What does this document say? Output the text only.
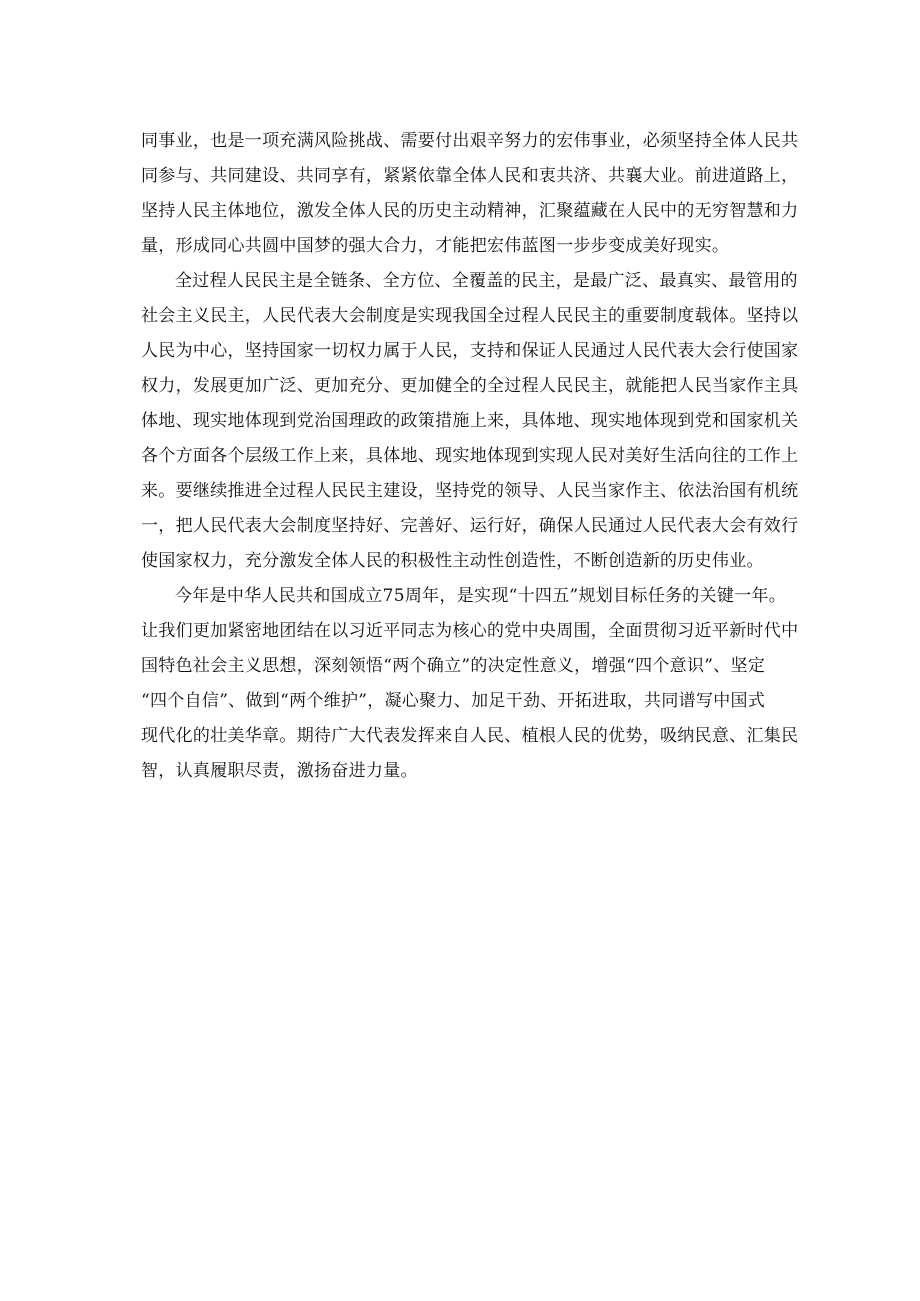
同事业，也是一项充满风险挑战、需要付出艰辛努力的宏伟事业，必须坚持全体人民共
同参与、共同建设、共同享有，紧紧依靠全体人民和衷共济、共襄大业。前进道路上，
坚持人民主体地位，激发全体人民的历史主动精神，汇聚蕴藏在人民中的无穷智慧和力
量，形成同心共圆中国梦的强大合力，才能把宏伟蓝图一步步变成美好现实。

全过程人民民主是全链条、全方位、全覆盖的民主，是最广泛、最真实、最管用的
社会主义民主，人民代表大会制度是实现我国全过程人民民主的重要制度载体。坚持以
人民为中心，坚持国家一切权力属于人民，支持和保证人民通过人民代表大会行使国家
权力，发展更加广泛、更加充分、更加健全的全过程人民民主，就能把人民当家作主具
体地、现实地体现到党治国理政的政策措施上来，具体地、现实地体现到党和国家机关
各个方面各个层级工作上来，具体地、现实地体现到实现人民对美好生活向往的工作上
来。要继续推进全过程人民民主建设，坚持党的领导、人民当家作主、依法治国有机统
一，把人民代表大会制度坚持好、完善好、运行好，确保人民通过人民代表大会有效行
使国家权力，充分激发全体人民的积极性主动性创造性，不断创造新的历史伟业。

今年是中华人民共和国成立75周年，是实现“十四五”规划目标任务的关键一年。
让我们更加紧密地团结在以习近平同志为核心的党中央周围，全面贯彻习近平新时代中
国特色社会主义思想，深刻领悟“两个确立”的决定性意义，增强“四个意识”、坚定
“四个自信”、做到“两个维护”，凝心聚力、加足干劲、开拓进取，共同谱写中国式
现代化的壮美华章。期待广大代表发挥来自人民、植根人民的优势，吸纳民意、汇集民
智，认真履职尽责，激扬奋进力量。
